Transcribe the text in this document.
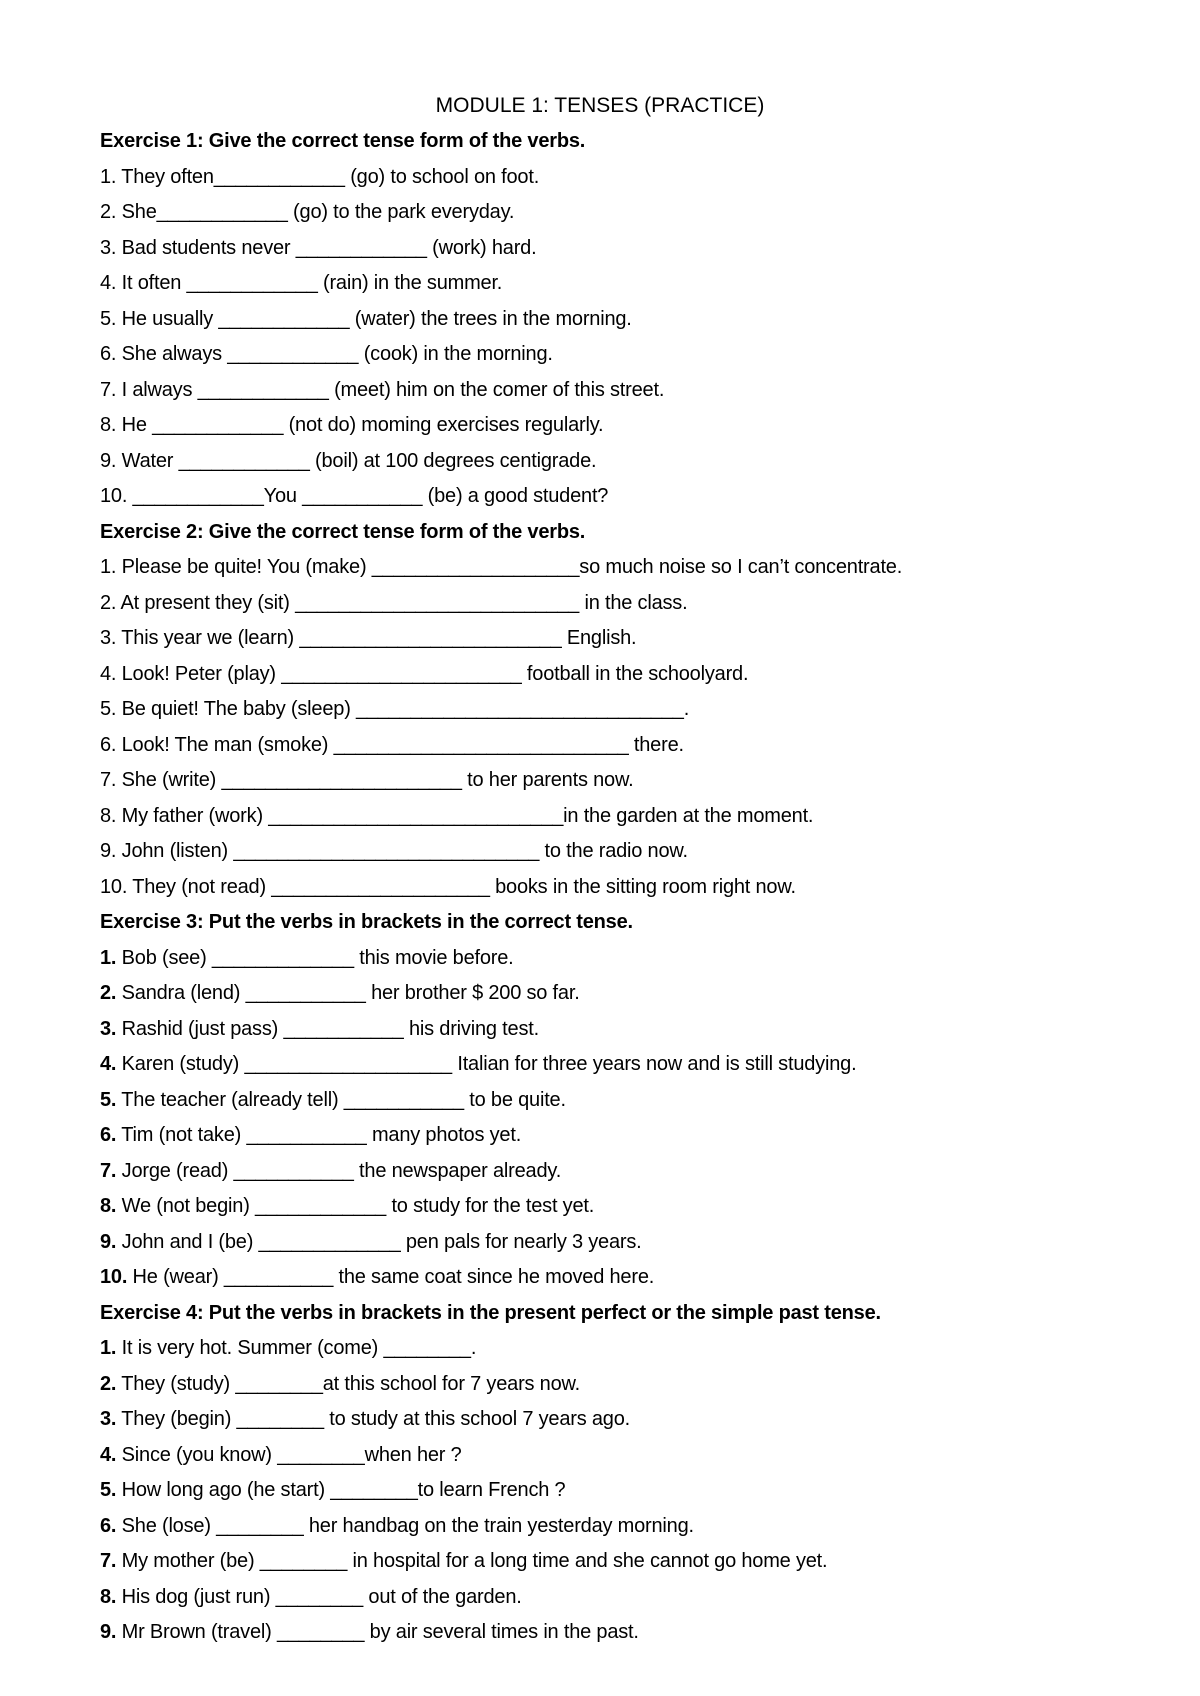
MODULE 1: TENSES (PRACTICE)
Exercise 1: Give the correct tense form of the verbs.
1. They often____________ (go) to school on foot.
2. She____________ (go) to the park everyday.
3. Bad students never ____________ (work) hard.
4. It often ____________ (rain) in the summer.
5. He usually ____________ (water) the trees in the morning.
6. She always ____________ (cook) in the morning.
7. I always ____________ (meet) him on the comer of this street.
8. He ____________ (not do) moming exercises regularly.
9. Water ____________ (boil) at 100 degrees centigrade.
10. ____________You ___________ (be) a good student?
Exercise 2: Give the correct tense form of the verbs.
1. Please be quite! You (make) ___________________so much noise so I can’t concentrate.
2. At present they (sit) __________________________ in the class.
3. This year we (learn) ________________________ English.
4. Look! Peter (play) ______________________ football in the schoolyard.
5. Be quiet! The baby (sleep) ______________________________.
6. Look! The man (smoke) ___________________________ there.
7. She (write) ______________________ to her parents now.
8. My father (work) ___________________________in the garden at the moment.
9. John (listen) ____________________________ to the radio now.
10. They (not read) ____________________ books in the sitting room right now.
Exercise 3: Put the verbs in brackets in the correct tense.
1. Bob (see) _____________ this movie before.
2. Sandra (lend) ___________ her brother $ 200 so far.
3. Rashid (just pass) ___________ his driving test.
4. Karen (study) ___________________ Italian for three years now and is still studying.
5. The teacher (already tell) ___________ to be quite.
6. Tim (not take) ___________ many photos yet.
7. Jorge (read) ___________ the newspaper already.
8. We (not begin) ____________ to study for the test yet.
9. John and I (be) _____________ pen pals for nearly 3 years.
10. He (wear) __________ the same coat since he moved here.
Exercise 4: Put the verbs in brackets in the present perfect or the simple past tense.
1. It is very hot. Summer (come) ________.
2. They (study) ________at this school for 7 years now.
3. They (begin) ________ to study at this school 7 years ago.
4. Since (you know) ________when her ?
5. How long ago (he start) ________to learn French ?
6. She (lose) ________ her handbag on the train yesterday morning.
7. My mother (be) ________ in hospital for a long time and she cannot go home yet.
8. His dog (just run) ________ out of the garden.
9. Mr Brown (travel) ________ by air several times in the past.
